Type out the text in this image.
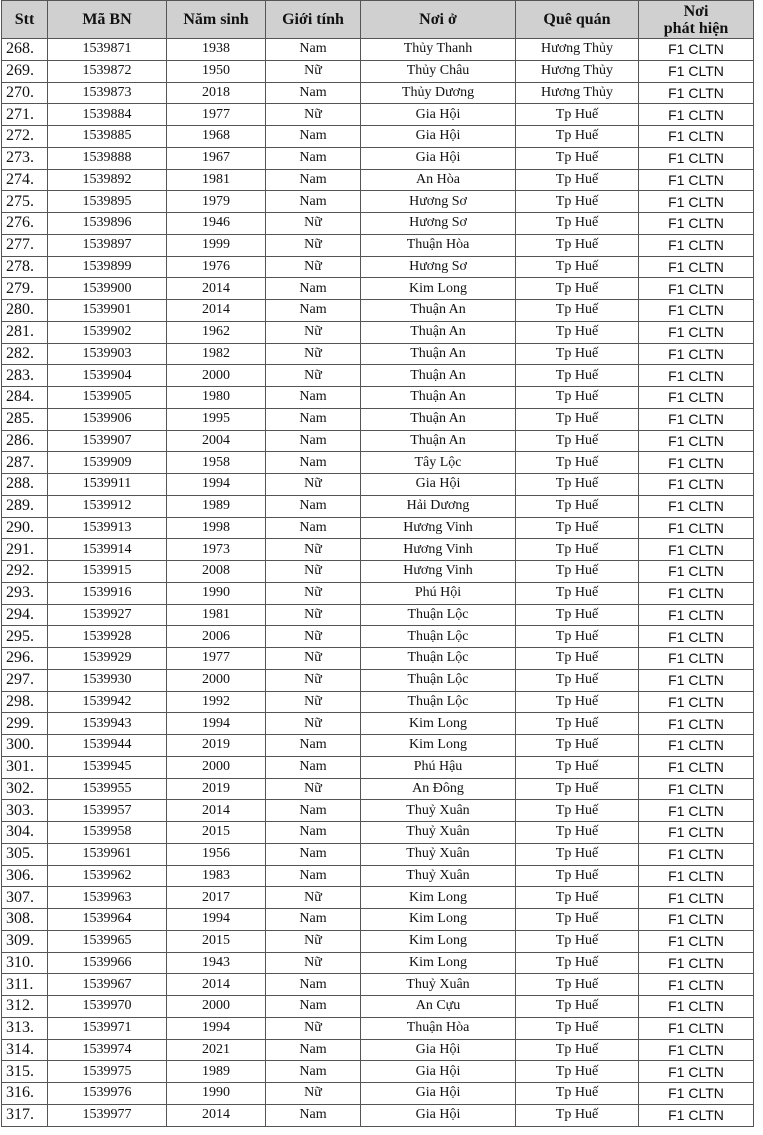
Stt	Mã BN	Năm sinh	Giới tính	Nơi ở	Quê quán	Nơi
phát hiện

268.	1539871	1938	Nam	Thủy Thanh	Hương Thủy	F1 CLTN
269.	1539872	1950	Nữ	Thủy Châu	Hương Thủy	F1 CLTN
270.	1539873	2018	Nam	Thủy Dương	Hương Thủy	F1 CLTN
271.	1539884	1977	Nữ	Gia Hội	Tp Huế	F1 CLTN
272.	1539885	1968	Nam	Gia Hội	Tp Huế	F1 CLTN
273.	1539888	1967	Nam	Gia Hội	Tp Huế	F1 CLTN
274.	1539892	1981	Nam	An Hòa	Tp Huế	F1 CLTN
275.	1539895	1979	Nam	Hương Sơ	Tp Huế	F1 CLTN
276.	1539896	1946	Nữ	Hương Sơ	Tp Huế	F1 CLTN
277.	1539897	1999	Nữ	Thuận Hòa	Tp Huế	F1 CLTN
278.	1539899	1976	Nữ	Hương Sơ	Tp Huế	F1 CLTN
279.	1539900	2014	Nam	Kim Long	Tp Huế	F1 CLTN
280.	1539901	2014	Nam	Thuận An	Tp Huế	F1 CLTN
281.	1539902	1962	Nữ	Thuận An	Tp Huế	F1 CLTN
282.	1539903	1982	Nữ	Thuận An	Tp Huế	F1 CLTN
283.	1539904	2000	Nữ	Thuận An	Tp Huế	F1 CLTN
284.	1539905	1980	Nam	Thuận An	Tp Huế	F1 CLTN
285.	1539906	1995	Nam	Thuận An	Tp Huế	F1 CLTN
286.	1539907	2004	Nam	Thuận An	Tp Huế	F1 CLTN
287.	1539909	1958	Nam	Tây Lộc	Tp Huế	F1 CLTN
288.	1539911	1994	Nữ	Gia Hội	Tp Huế	F1 CLTN
289.	1539912	1989	Nam	Hải Dương	Tp Huế	F1 CLTN
290.	1539913	1998	Nam	Hương Vinh	Tp Huế	F1 CLTN
291.	1539914	1973	Nữ	Hương Vinh	Tp Huế	F1 CLTN
292.	1539915	2008	Nữ	Hương Vinh	Tp Huế	F1 CLTN
293.	1539916	1990	Nữ	Phú Hội	Tp Huế	F1 CLTN
294.	1539927	1981	Nữ	Thuận Lộc	Tp Huế	F1 CLTN
295.	1539928	2006	Nữ	Thuận Lộc	Tp Huế	F1 CLTN
296.	1539929	1977	Nữ	Thuận Lộc	Tp Huế	F1 CLTN
297.	1539930	2000	Nữ	Thuận Lộc	Tp Huế	F1 CLTN
298.	1539942	1992	Nữ	Thuận Lộc	Tp Huế	F1 CLTN
299.	1539943	1994	Nữ	Kim Long	Tp Huế	F1 CLTN
300.	1539944	2019	Nam	Kim Long	Tp Huế	F1 CLTN
301.	1539945	2000	Nam	Phú Hậu	Tp Huế	F1 CLTN
302.	1539955	2019	Nữ	An Đông	Tp Huế	F1 CLTN
303.	1539957	2014	Nam	Thuỷ Xuân	Tp Huế	F1 CLTN
304.	1539958	2015	Nam	Thuỷ Xuân	Tp Huế	F1 CLTN
305.	1539961	1956	Nam	Thuỷ Xuân	Tp Huế	F1 CLTN
306.	1539962	1983	Nam	Thuỷ Xuân	Tp Huế	F1 CLTN
307.	1539963	2017	Nữ	Kim Long	Tp Huế	F1 CLTN
308.	1539964	1994	Nam	Kim Long	Tp Huế	F1 CLTN
309.	1539965	2015	Nữ	Kim Long	Tp Huế	F1 CLTN
310.	1539966	1943	Nữ	Kim Long	Tp Huế	F1 CLTN
311.	1539967	2014	Nam	Thuỷ Xuân	Tp Huế	F1 CLTN
312.	1539970	2000	Nam	An Cựu	Tp Huế	F1 CLTN
313.	1539971	1994	Nữ	Thuận Hòa	Tp Huế	F1 CLTN
314.	1539974	2021	Nam	Gia Hội	Tp Huế	F1 CLTN
315.	1539975	1989	Nam	Gia Hội	Tp Huế	F1 CLTN
316.	1539976	1990	Nữ	Gia Hội	Tp Huế	F1 CLTN
317.	1539977	2014	Nam	Gia Hội	Tp Huế	F1 CLTN
